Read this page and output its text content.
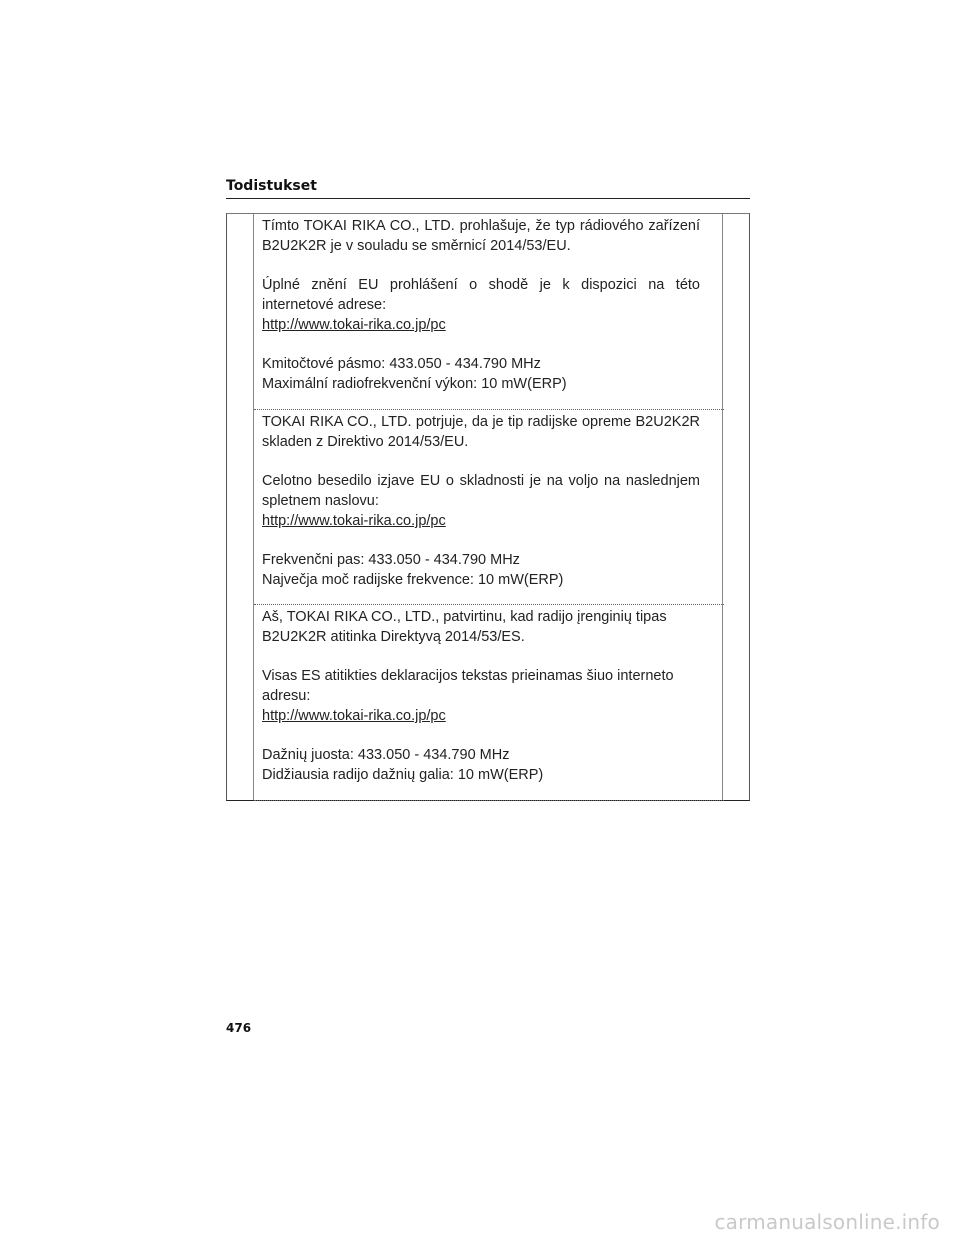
Todistukset

Tímto TOKAI RIKA CO., LTD. prohlašuje, že typ rádiového zařízení B2U2K2R je v souladu se směrnicí 2014/53/EU.

Úplné znění EU prohlášení o shodě je k dispozici na této internetové adrese:
http://www.tokai-rika.co.jp/pc

Kmitočtové pásmo: 433.050 - 434.790 MHz
Maximální radiofrekvenční výkon: 10 mW(ERP)

TOKAI RIKA CO., LTD. potrjuje, da je tip radijske opreme B2U2K2R skladen z Direktivo 2014/53/EU.

Celotno besedilo izjave EU o skladnosti je na voljo na naslednjem spletnem naslovu:
http://www.tokai-rika.co.jp/pc

Frekvenčni pas: 433.050 - 434.790 MHz
Največja moč radijske frekvence: 10 mW(ERP)

Aš, TOKAI RIKA CO., LTD., patvirtinu, kad radijo įrenginių tipas
B2U2K2R atitinka Direktyvą 2014/53/ES.

Visas ES atitikties deklaracijos tekstas prieinamas šiuo interneto
adresu:
http://www.tokai-rika.co.jp/pc

Dažnių juosta: 433.050 - 434.790 MHz
Didžiausia radijo dažnių galia: 10 mW(ERP)

476
carmanualsonline.info
